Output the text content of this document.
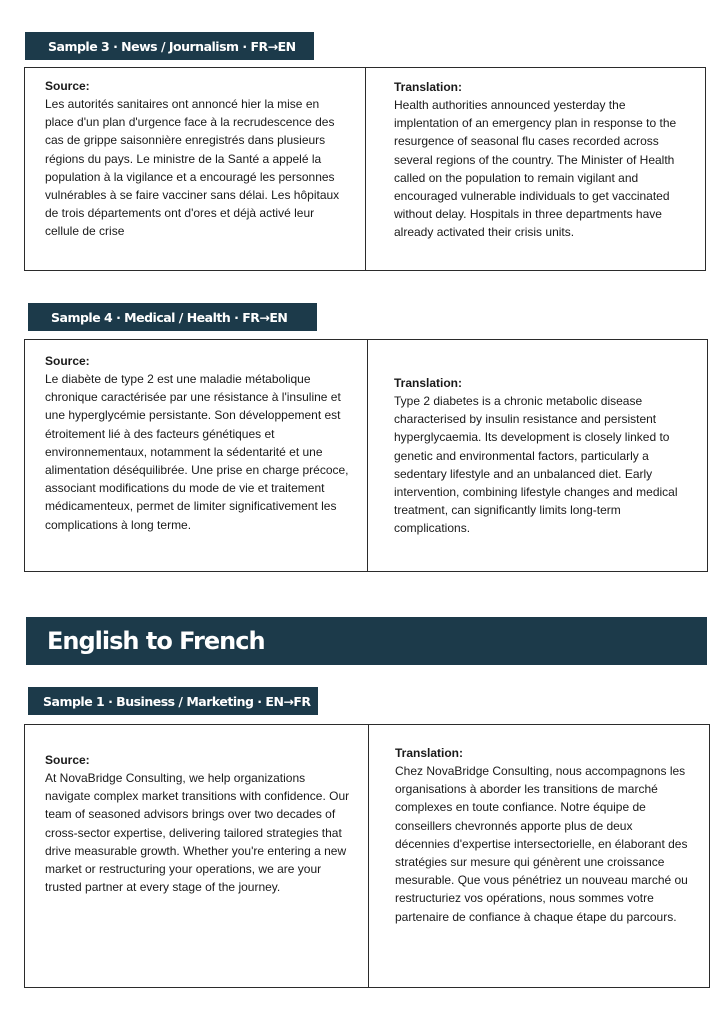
Sample 3 · News / Journalism · FR→EN
Source:

Les autorités sanitaires ont annoncé hier la mise en place d'un plan d'urgence face à la recrudescence des cas de grippe saisonnière enregistrés dans plusieurs régions du pays. Le ministre de la Santé a appelé la population à la vigilance et a encouragé les personnes vulnérables à se faire vacciner sans délai. Les hôpitaux de trois départements ont d'ores et déjà activé leur cellule de crise

Translation:

Health authorities announced yesterday the implentation of an emergency plan in response to the resurgence of seasonal flu cases recorded across several regions of the country. The Minister of Health called on the population to remain vigilant and encouraged vulnerable individuals to get vaccinated without delay. Hospitals in three departments have already activated their crisis units.

Sample 4 · Medical / Health · FR→EN
Source:

Le diabète de type 2 est une maladie métabolique chronique caractérisée par une résistance à l'insuline et une hyperglycémie persistante. Son développement est étroitement lié à des facteurs génétiques et environnementaux, notamment la sédentarité et une alimentation déséquilibrée. Une prise en charge précoce, associant modifications du mode de vie et traitement médicamenteux, permet de limiter significativement les complications à long terme.

Translation:

Type 2 diabetes is a chronic metabolic disease characterised by insulin resistance and persistent hyperglycaemia. Its development is closely linked to genetic and environmental factors, particularly a sedentary lifestyle and an unbalanced diet. Early intervention, combining lifestyle changes and medical treatment, can significantly limits long-term complications.

English to French
Sample 1 · Business / Marketing · EN→FR
Source:

At NovaBridge Consulting, we help organizations navigate complex market transitions with confidence. Our team of seasoned advisors brings over two decades of cross-sector expertise, delivering tailored strategies that drive measurable growth. Whether you're entering a new market or restructuring your operations, we are your trusted partner at every stage of the journey.

Translation:

Chez NovaBridge Consulting, nous accompagnons les organisations à aborder les transitions de marché complexes en toute confiance. Notre équipe de conseillers chevronnés apporte plus de deux décennies d'expertise intersectorielle, en élaborant des stratégies sur mesure qui génèrent une croissance mesurable. Que vous pénétriez un nouveau marché ou restructuriez vos opérations, nous sommes votre partenaire de confiance à chaque étape du parcours.
